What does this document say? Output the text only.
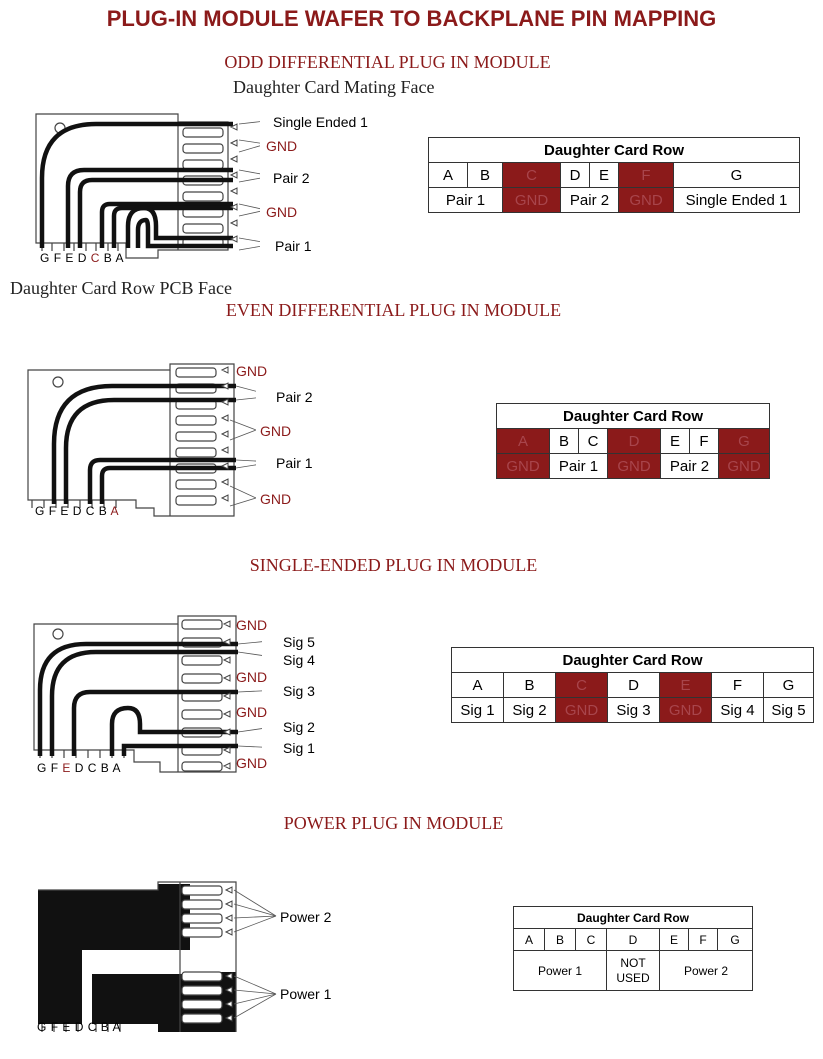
PLUG-IN MODULE WAFER TO BACKPLANE PIN MAPPING
ODD DIFFERENTIAL PLUG IN MODULE
Daughter Card Mating Face
Single Ended 1
GND
Pair 2
GND
Pair 1
G F E D C B A
Daughter Card Row PCB Face
Daughter Card Row						
A	B	C	D	E	F	G
Pair 1		GND	Pair 2		GND	Single Ended 1
EVEN DIFFERENTIAL PLUG IN MODULE
GND
Pair 2
GND
Pair 1
GND
G F E D C B A
Daughter Card Row						
A	B	C	D	E	F	G
GND	Pair 1		GND	Pair 2		GND
SINGLE-ENDED PLUG IN MODULE
GND
Sig 5
Sig 4
GND
Sig 3
GND
Sig 2
Sig 1
GND
G F E D C B A
Daughter Card Row						
A	B	C	D	E	F	G
Sig 1	Sig 2	GND	Sig 3	GND	Sig 4	Sig 5
POWER PLUG IN MODULE
Power 2
Power 1
G F E D C B A
Daughter Card Row						
A	B	C	D	E	F	G
Power 1			NOT USED	Power 2		
